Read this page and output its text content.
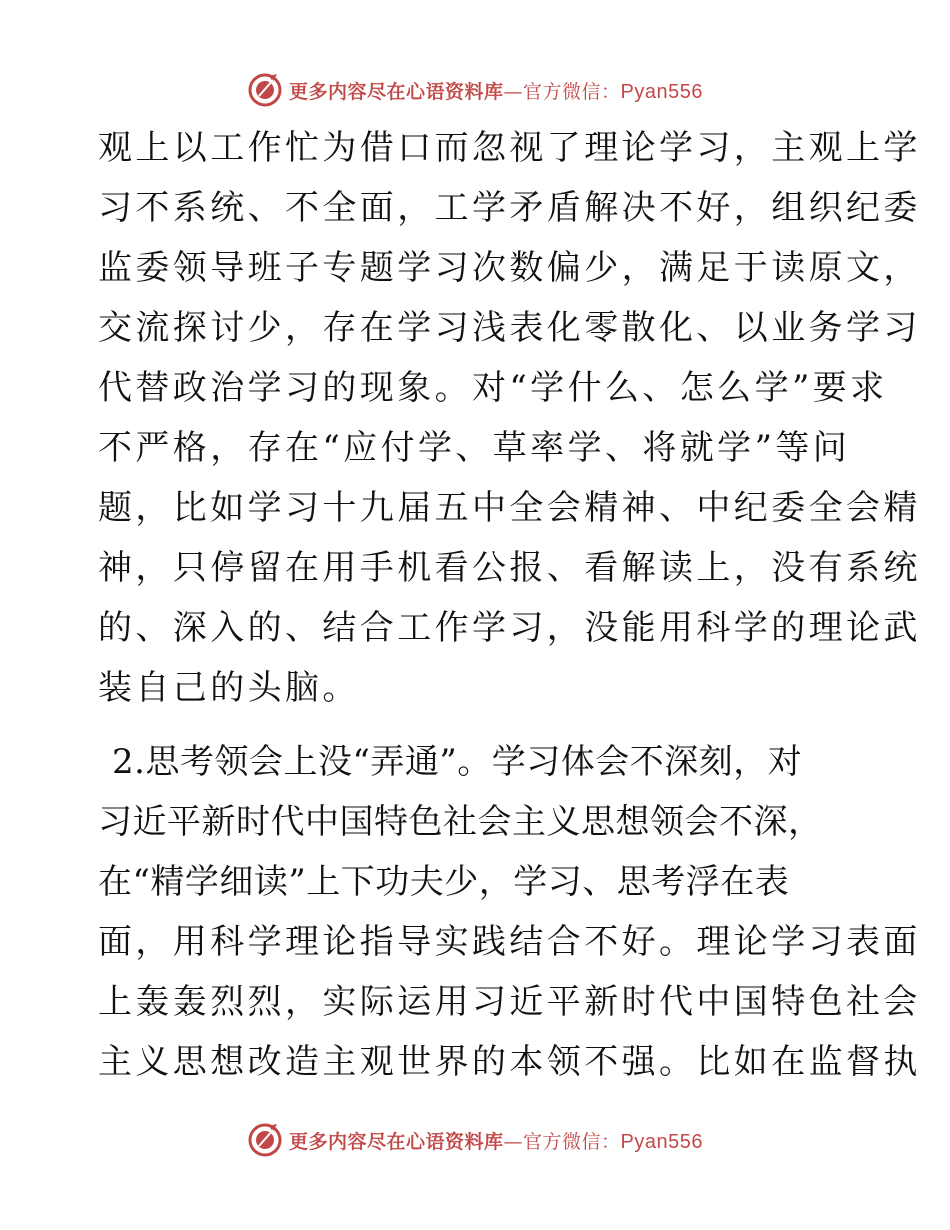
更多内容尽在心语资料库—官方微信：Pyan556
观上以工作忙为借口而忽视了理论学习，主观上学
习不系统、不全面，工学矛盾解决不好，组织纪委
监委领导班子专题学习次数偏少，满足于读原文，
交流探讨少，存在学习浅表化零散化、以业务学习
代替政治学习的现象。对“学什么、怎么学”要求
不严格，存在“应付学、草率学、将就学”等问
题，比如学习十九届五中全会精神、中纪委全会精
神，只停留在用手机看公报、看解读上，没有系统
的、深入的、结合工作学习，没能用科学的理论武
装自己的头脑。
2.思考领会上没“弄通”。学习体会不深刻，对
习近平新时代中国特色社会主义思想领会不深，
在“精学细读”上下功夫少，学习、思考浮在表
面，用科学理论指导实践结合不好。理论学习表面
上轰轰烈烈，实际运用习近平新时代中国特色社会
主义思想改造主观世界的本领不强。比如在监督执
更多内容尽在心语资料库—官方微信：Pyan556
